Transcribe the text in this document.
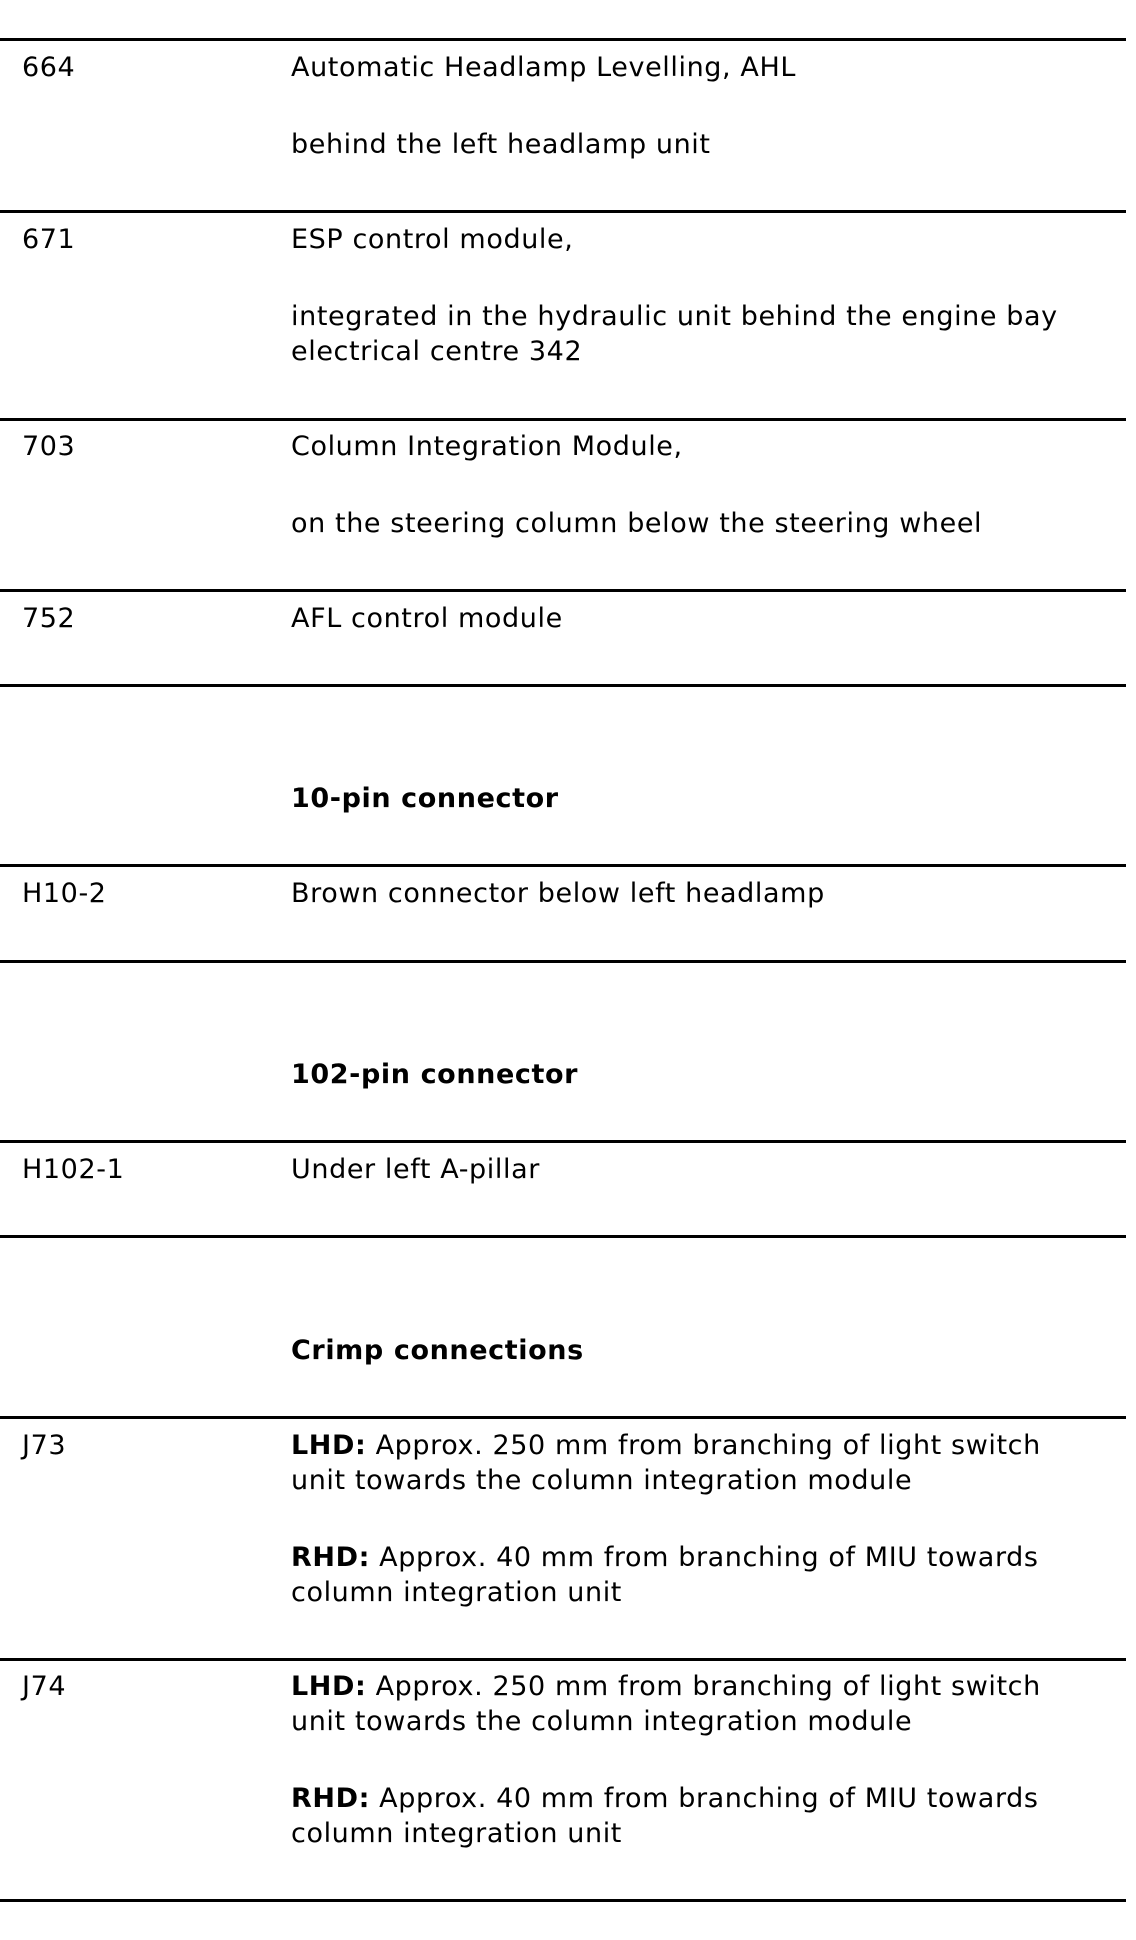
664	Automatic Headlamp Levelling, AHL
behind the left headlamp unit
671	ESP control module,
integrated in the hydraulic unit behind the engine bay electrical centre 342
703	Column Integration Module,
on the steering column below the steering wheel
752	AFL control module
10-pin connector
H10-2	Brown connector below left headlamp
102-pin connector
H102-1	Under left A-pillar
Crimp connections
J73	LHD: Approx. 250 mm from branching of light switch unit towards the column integration module
RHD: Approx. 40 mm from branching of MIU towards column integration unit
J74	LHD: Approx. 250 mm from branching of light switch unit towards the column integration module
RHD: Approx. 40 mm from branching of MIU towards column integration unit
